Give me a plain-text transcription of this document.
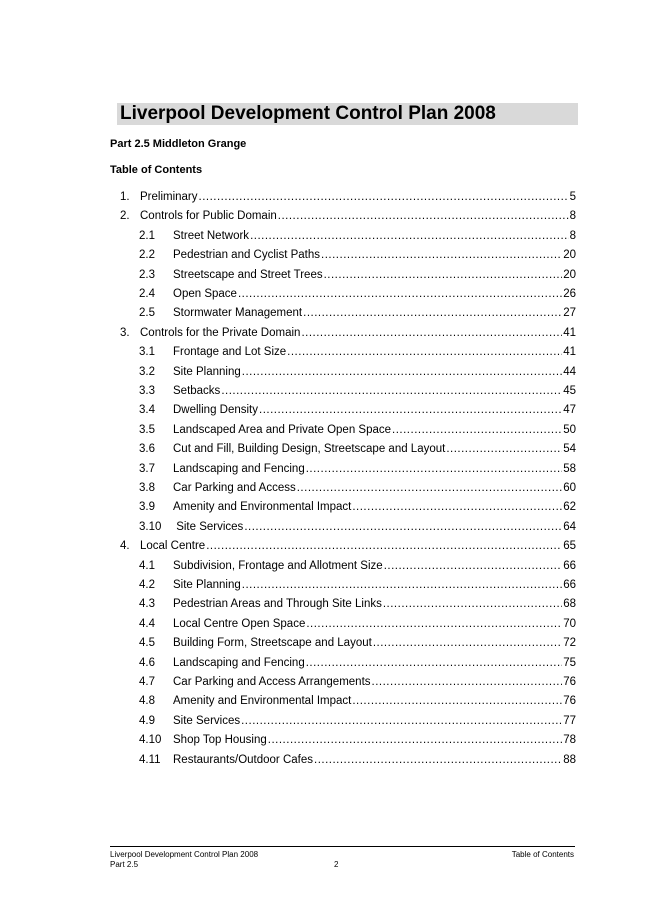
Liverpool Development Control Plan 2008
Part 2.5 Middleton Grange
Table of Contents
1. Preliminary .....	5
2. Controls for Public Domain .....	8
2.1	Street Network .....	8
2.2	Pedestrian and Cyclist Paths .....	20
2.3	Streetscape and Street Trees .....	20
2.4	Open Space .....	26
2.5	Stormwater Management .....	27
3. Controls for the Private Domain .....	41
3.1	Frontage and Lot Size .....	41
3.2	Site Planning .....	44
3.3	Setbacks .....	45
3.4	Dwelling Density .....	47
3.5	Landscaped Area and Private Open Space .....	50
3.6	Cut and Fill, Building Design, Streetscape and Layout .....	54
3.7	Landscaping and Fencing .....	58
3.8	Car Parking and Access .....	60
3.9	Amenity and Environmental Impact .....	62
3.10	Site Services .....	64
4. Local Centre .....	65
4.1	Subdivision, Frontage and Allotment Size .....	66
4.2	Site Planning .....	66
4.3	Pedestrian Areas and Through Site Links .....	68
4.4	Local Centre Open Space .....	70
4.5	Building Form, Streetscape and Layout .....	72
4.6	Landscaping and Fencing .....	75
4.7	Car Parking and Access Arrangements .....	76
4.8	Amenity and Environmental Impact .....	76
4.9	Site Services .....	77
4.10	Shop Top Housing .....	78
4.11	Restaurants/Outdoor Cafes .....	88
Liverpool Development Control Plan 2008
Part 2.5	2
Table of Contents
